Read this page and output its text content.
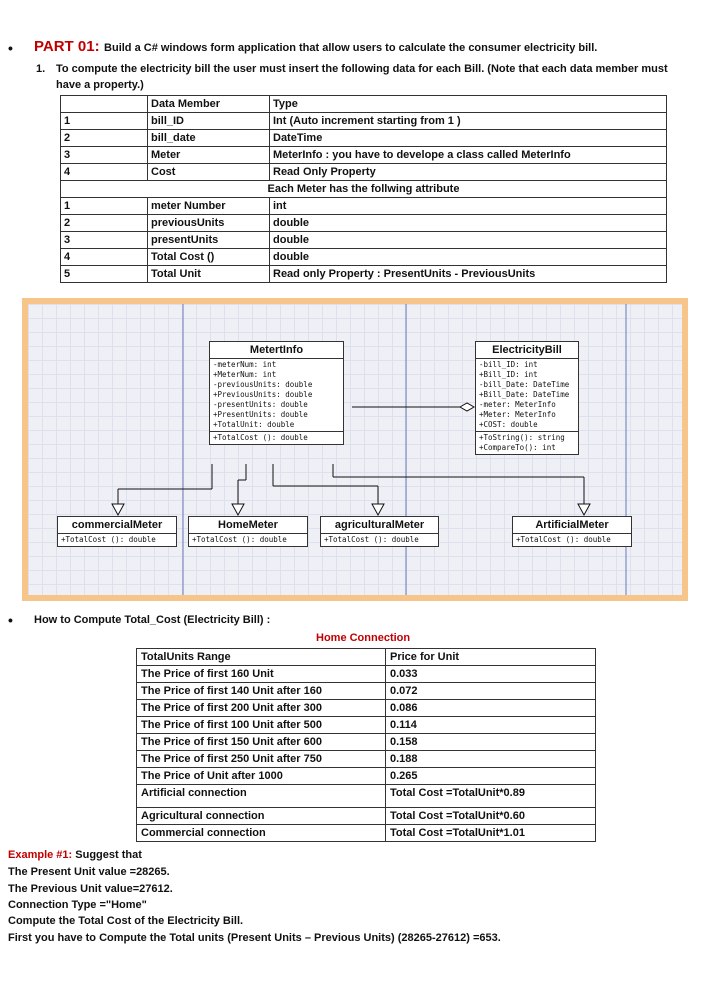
• PART 01: Build a C# windows form application that allow users to calculate the consumer electricity bill.
1. To compute the electricity bill the user must insert the following data for each Bill. (Note that each data member must
have a property.)
	Data Member	Type
1	bill_ID	Int (Auto increment starting from 1 )
2	bill_date	DateTime
3	Meter	MeterInfo : you have to develope a class called MeterInfo
4	Cost	Read Only Property
Each Meter has the follwing attribute		
1	meter Number	int
2	previousUnits	double
3	presentUnits	double
4	Total Cost ()	double
5	Total Unit	Read only Property : PresentUnits - PreviousUnits
MetertInfo
-meterNum: int
+MeterNum: int
-previousUnits: double
+PreviousUnits: double
-presentUnits: double
+PresentUnits: double
+TotalUnit: double
+TotalCost (): double
ElectricityBill
-bill_ID: int
+Bill_ID: int
-bill_Date: DateTime
+Bill_Date: DateTime
-meter: MeterInfo
+Meter: MeterInfo
+COST: double
+ToString(): string
+CompareTo(): int
commercialMeter
+TotalCost (): double
HomeMeter
+TotalCost (): double
agriculturalMeter
+TotalCost (): double
ArtificialMeter
+TotalCost (): double
• How to Compute Total_Cost (Electricity Bill) :
Home Connection
TotalUnits Range	Price for Unit
The Price of first 160 Unit	0.033
The Price of first 140 Unit after 160	0.072
The Price of first 200 Unit after 300	0.086
The Price of first 100 Unit after 500	0.114
The Price of first 150 Unit after 600	0.158
The Price of first 250 Unit after 750	0.188
The Price of Unit after 1000	0.265
Artificial connection	Total Cost =TotalUnit*0.89
Agricultural connection	Total Cost =TotalUnit*0.60
Commercial connection	Total Cost =TotalUnit*1.01
Example #1: Suggest that
The Present Unit value =28265.
The Previous Unit value=27612.
Connection Type ="Home"
Compute the Total Cost of the Electricity Bill.
First you have to Compute the Total units (Present Units – Previous Units) (28265-27612) =653.
